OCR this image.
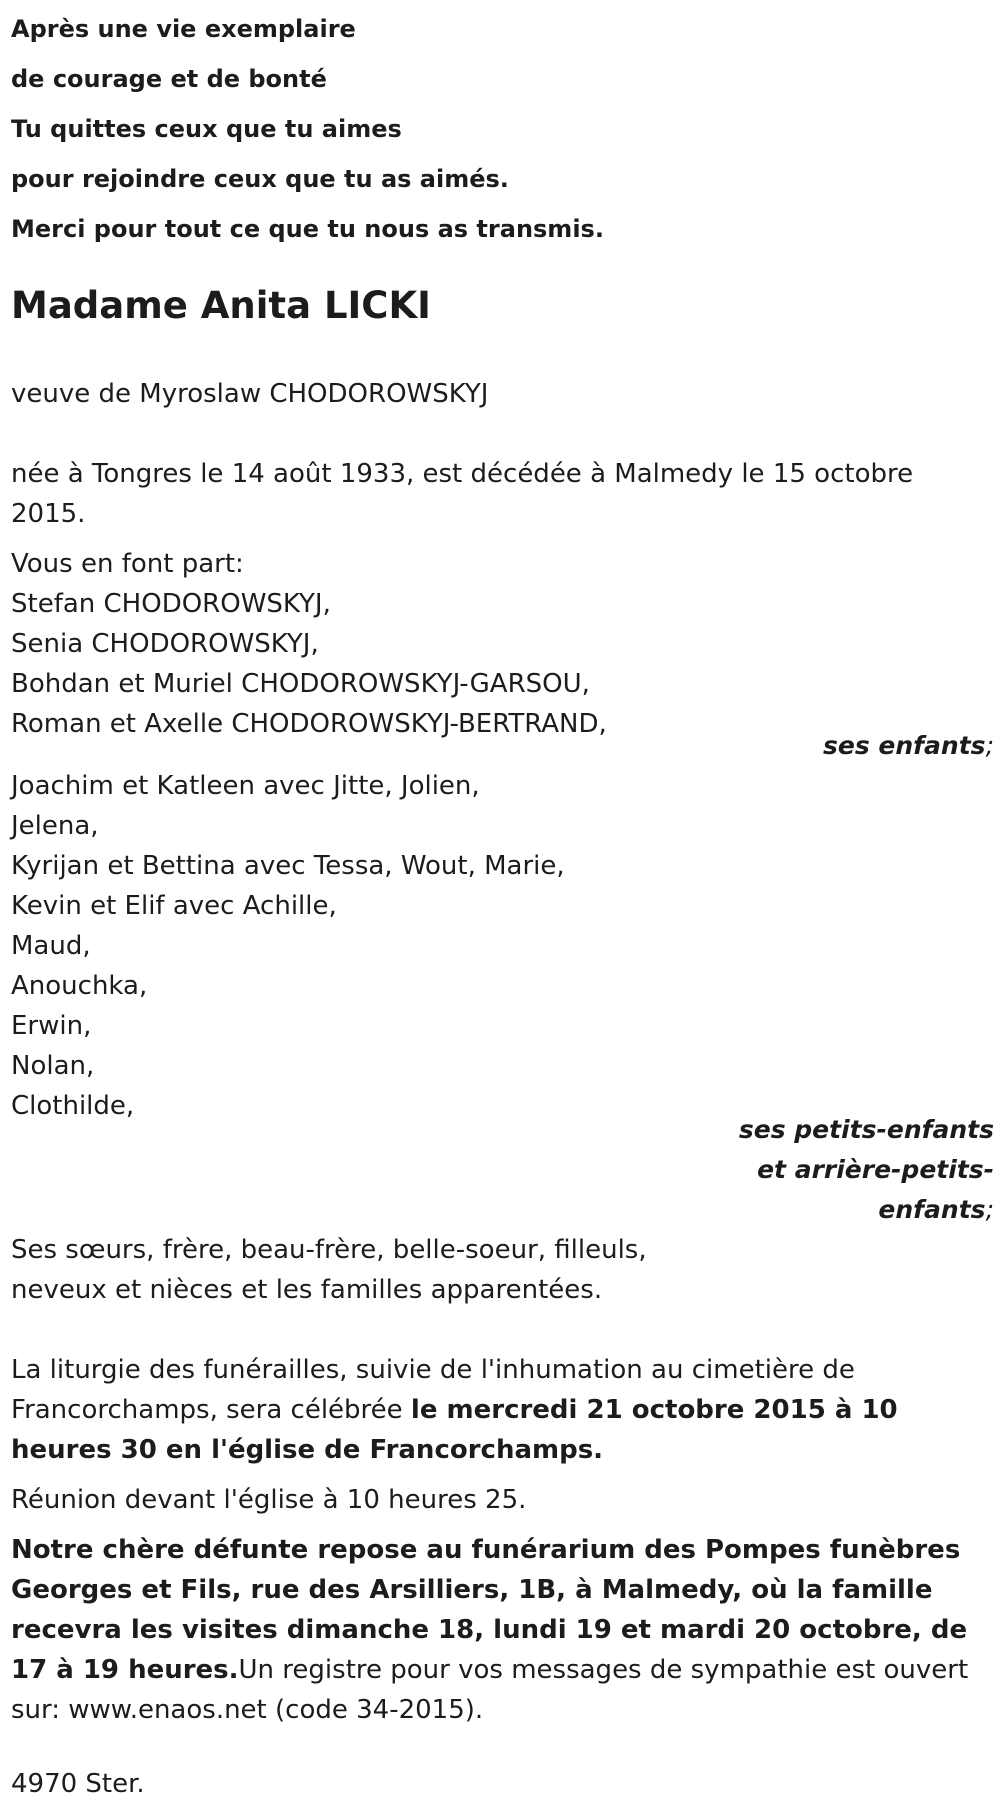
Après une vie exemplaire
de courage et de bonté
Tu quittes ceux que tu aimes
pour rejoindre ceux que tu as aimés.
Merci pour tout ce que tu nous as transmis.
Madame Anita LICKI
veuve de Myroslaw CHODOROWSKYJ
née à Tongres le 14 août 1933, est décédée à Malmedy le 15 octobre 2015.
Vous en font part:
Stefan CHODOROWSKYJ,
Senia CHODOROWSKYJ,
Bohdan et Muriel CHODOROWSKYJ-GARSOU,
Roman et Axelle CHODOROWSKYJ-BERTRAND,
ses enfants;
Joachim et Katleen avec Jitte, Jolien,
Jelena,
Kyrijan et Bettina avec Tessa, Wout, Marie,
Kevin et Elif avec Achille,
Maud,
Anouchka,
Erwin,
Nolan,
Clothilde,
ses petits-enfants
et arrière-petits-
enfants;
Ses sœurs, frère, beau-frère, belle-soeur, filleuls,
neveux et nièces et les familles apparentées.
La liturgie des funérailles, suivie de l'inhumation au cimetière de Francorchamps, sera célébrée le mercredi 21 octobre 2015 à 10 heures 30 en l'église de Francorchamps.
Réunion devant l'église à 10 heures 25.
Notre chère défunte repose au funérarium des Pompes funèbres Georges et Fils, rue des Arsilliers, 1B, à Malmedy, où la famille recevra les visites dimanche 18, lundi 19 et mardi 20 octobre, de 17 à 19 heures.Un registre pour vos messages de sympathie est ouvert sur: www.enaos.net (code 34-2015).
4970 Ster.
